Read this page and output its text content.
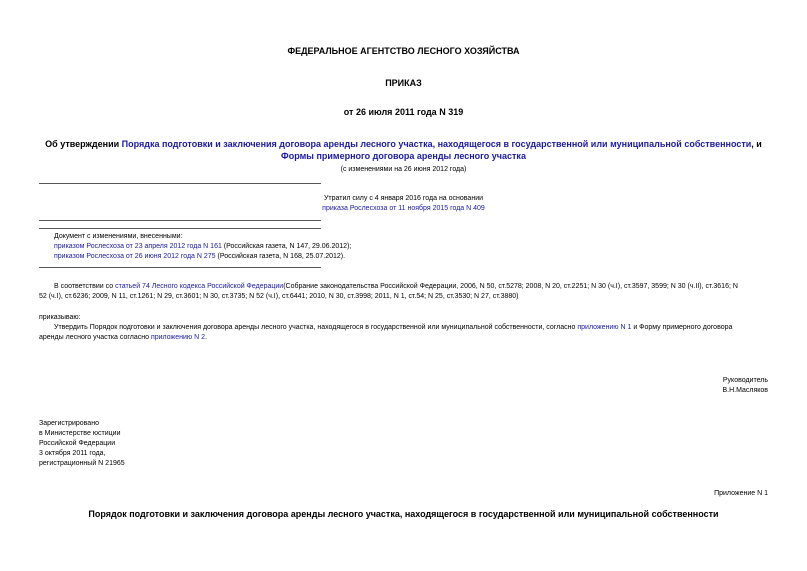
ФЕДЕРАЛЬНОЕ АГЕНТСТВО ЛЕСНОГО ХОЗЯЙСТВА
ПРИКАЗ
от 26 июля 2011 года N 319
Об утверждении Порядка подготовки и заключения договора аренды лесного участка, находящегося в государственной или муниципальной собственности, и
Формы примерного договора аренды лесного участка
(с изменениями на 26 июня 2012 года)
Утратил силу с 4 января 2016 года на основании
приказа Рослесхоза от 11 ноября 2015 года N 409
Документ с изменениями, внесенными:
приказом Рослесхоза от 23 апреля 2012 года N 161 (Российская газета, N 147, 29.06.2012);
приказом Рослесхоза от 26 июня 2012 года N 275 (Российская газета, N 168, 25.07.2012).
В соответствии со статьей 74 Лесного кодекса Российской Федерации(Собрание законодательства Российской Федерации, 2006, N 50, ст.5278; 2008, N 20, ст.2251; N 30 (ч.I), ст.3597, 3599; N 30 (ч.II), ст.3616; N
52 (ч.I), ст.6236; 2009, N 11, ст.1261; N 29, ст.3601; N 30, ст.3735; N 52 (ч.I), ст.6441; 2010, N 30, ст.3998; 2011, N 1, ст.54; N 25, ст.3530; N 27, ст.3880)
приказываю:
Утвердить Порядок подготовки и заключения договора аренды лесного участка, находящегося в государственной или муниципальной собственности, согласно приложению N 1 и Форму примерного договора
аренды лесного участка согласно приложению N 2.
Руководитель
В.Н.Масляков
Зарегистрировано
в Министерстве юстиции
Российской Федерации
3 октября 2011 года,
регистрационный N 21965
Приложение N 1
Порядок подготовки и заключения договора аренды лесного участка, находящегося в государственной или муниципальной собственности
